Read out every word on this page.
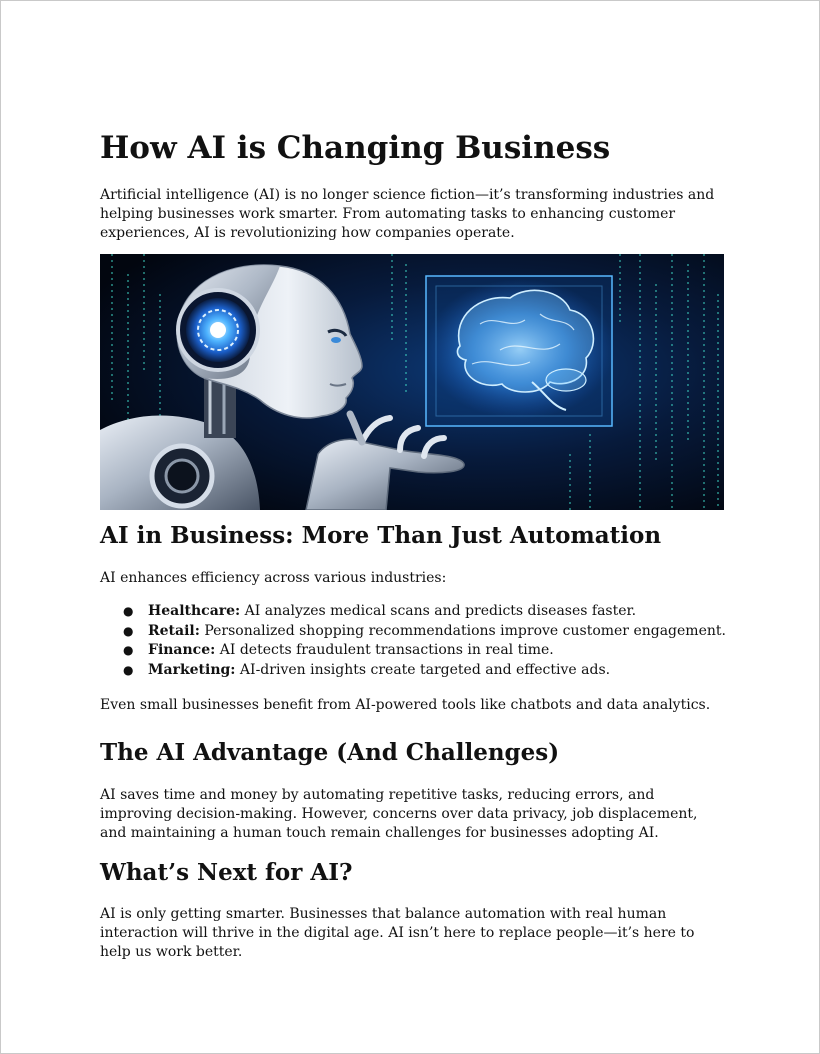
How AI is Changing Business

Artificial intelligence (AI) is no longer science fiction—it’s transforming industries and helping businesses work smarter. From automating tasks to enhancing customer experiences, AI is revolutionizing how companies operate.

AI in Business: More Than Just Automation

AI enhances efficiency across various industries:

● Healthcare: AI analyzes medical scans and predicts diseases faster.
● Retail: Personalized shopping recommendations improve customer engagement.
● Finance: AI detects fraudulent transactions in real time.
● Marketing: AI-driven insights create targeted and effective ads.

Even small businesses benefit from AI-powered tools like chatbots and data analytics.

The AI Advantage (And Challenges)

AI saves time and money by automating repetitive tasks, reducing errors, and improving decision-making. However, concerns over data privacy, job displacement, and maintaining a human touch remain challenges for businesses adopting AI.

What’s Next for AI?

AI is only getting smarter. Businesses that balance automation with real human interaction will thrive in the digital age. AI isn’t here to replace people—it’s here to help us work better.
